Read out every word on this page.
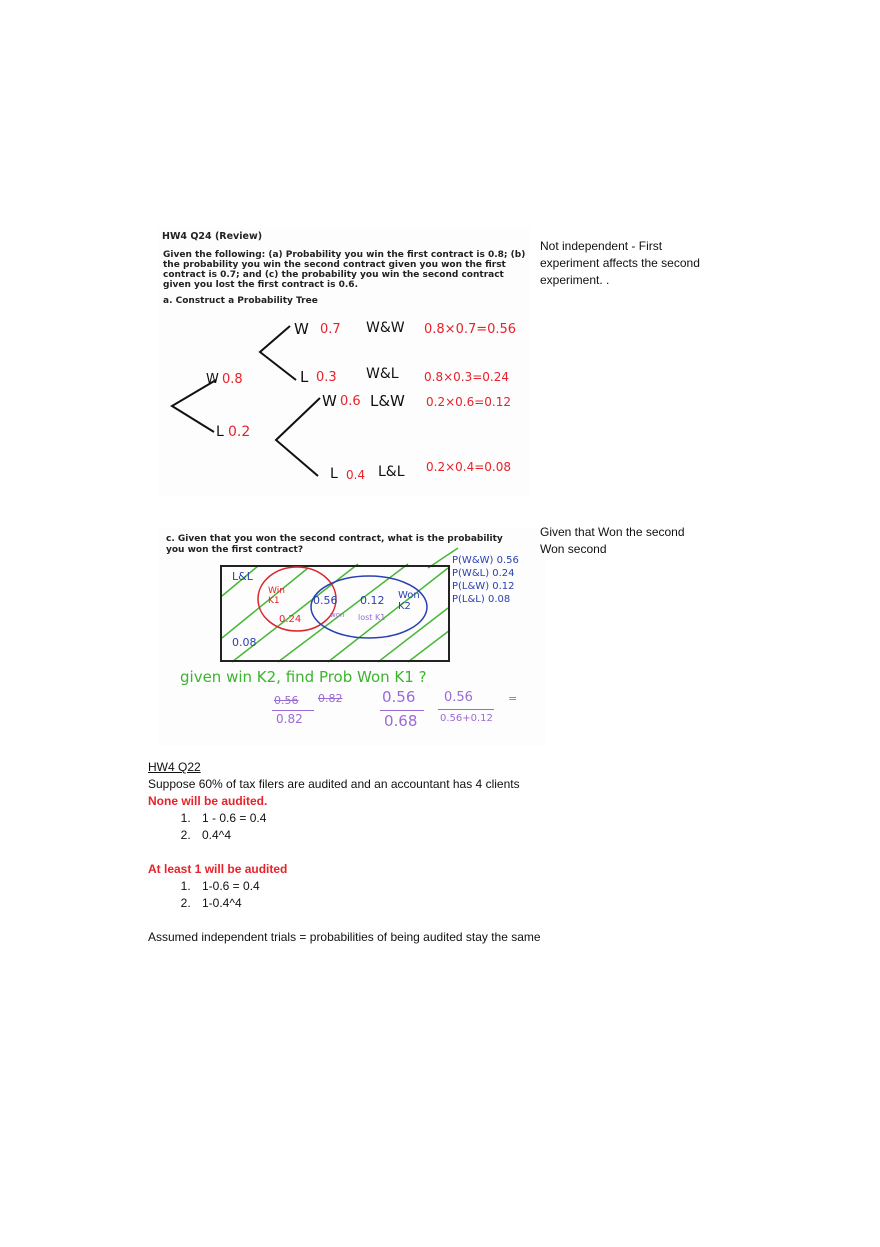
HW4 Q24 (Review)
Given the following: (a) Probability you win the first contract is 0.8; (b) the probability you win the second contract given you won the first contract is 0.7; and (c) the probability you win the second contract given you lost the first contract is 0.6.
a. Construct a Probability Tree
W 0.8
L 0.2
W 0.7 W&W 0.8×0.7=0.56
L 0.3 W&L 0.8×0.3=0.24
W 0.6 L&W 0.2×0.6=0.12
L 0.4 L&L 0.2×0.4=0.08
c. Given that you won the second contract, what is the probability you won the first contract?
L&L
Win K1
0.24
0.56
won
0.12
lost K1
Won K2
0.08
P(W&W) 0.56
P(W&L) 0.24
P(L&W) 0.12
P(L&L) 0.08
given win K2, find Prob Won K1 ?
0.56 0.82
0.82
0.56
0.68
0.56
0.56+0.12
=
Not independent - First experiment affects the second experiment. .
Given that Won the second Won second
HW4 Q22
Suppose 60% of tax filers are audited and an accountant has 4 clients
None will be audited.
1. 1 - 0.6 = 0.4
2. 0.4^4
At least 1 will be audited
1. 1-0.6 = 0.4
2. 1-0.4^4
Assumed independent trials = probabilities of being audited stay the same
